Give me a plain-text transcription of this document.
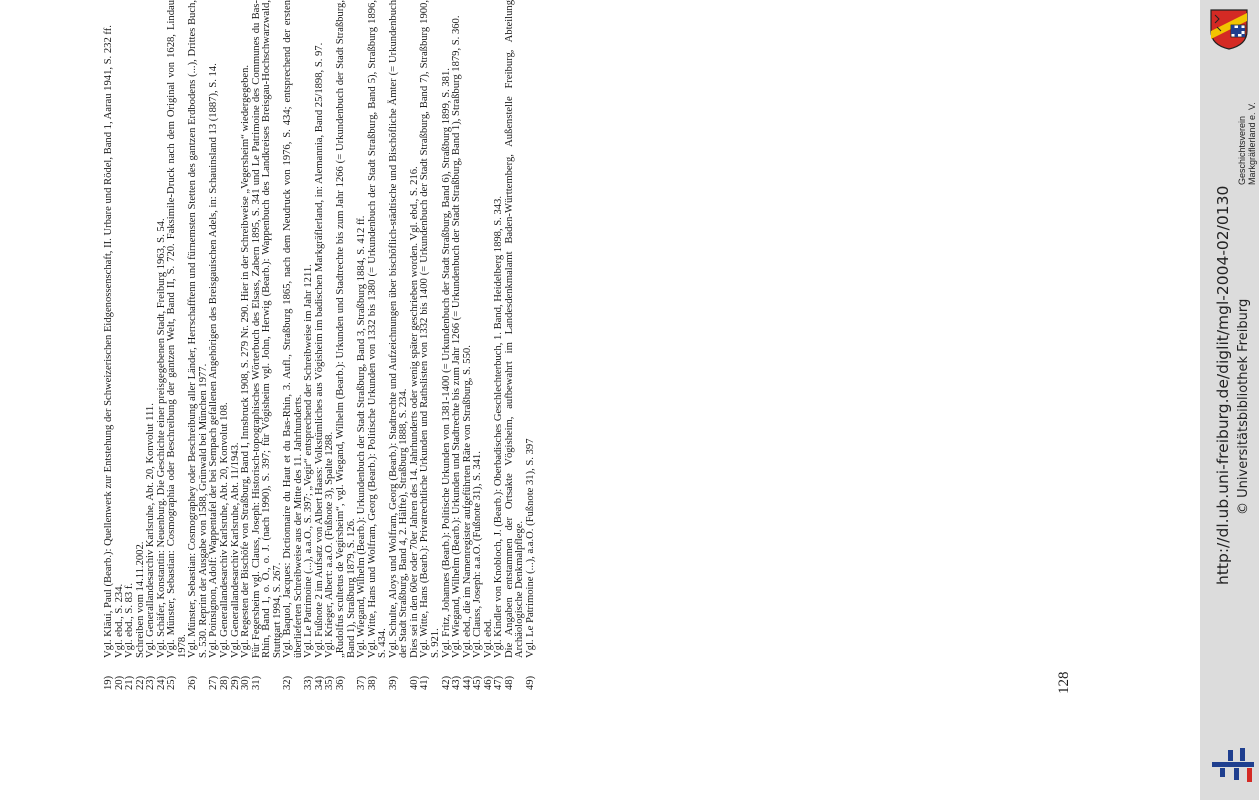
19)
Vgl. Kläui, Paul (Bearb.): Quellenwerk zur Entstehung der Schweizerischen Eidgenossenschaft, II. Urbare und Rödel, Band 1, Aarau 1941, S. 232 ff.
20)
Vgl. ebd., S. 234.
21)
Vgl. ebd., S. 83 f.
22)
Schreiben vom 14.11.2002.
23)
Vgl. Generallandesarchiv Karlsruhe, Abt. 20, Konvolut 111.
24)
Vgl. Schäfer, Konstantin: Neuenburg. Die Geschichte einer preisgegebenen Stadt, Freiburg 1963, S. 54.
25)
Vgl. Münster, Sebastian: Cosmographia oder Beschreibung der gantzen Welt, Band II, S. 720. Faksimile-Druck nach dem Original von 1628, Lindau 1978.
26)
Vgl. Münster, Sebastian: Cosmographey oder Beschreibung aller Länder, Herrschafftenn und fürnemsten Stetten des gantzen Erdbodens (...), Drittes Buch, S. 530. Reprint der Ausgabe von 1588, Grünwald bei München 1977.
27)
Vgl. Poinsignon, Adolf: Wappentafel der bei Sempach gefallenen Angehörigen des Breisgauischen Adels, in: Schauinsland 13 (1887), S. 14.
28)
Vgl. Generallandesarchiv Karlsruhe, Abt. 20, Konvolut 108.
29)
Vgl. Generallandesarchiv Karlsruhe, Abt. 11/1943.
30)
Vgl. Regesten der Bischöfe von Straßburg, Band I, Innsbruck 1908, S. 279 Nr. 290. Hier in der Schreibweise „Vegersheim“ wiedergegeben.
31)
Für Fegersheim vgl. Clauss, Joseph: Historisch-topographisches Wörterbuch des Elsass, Zabern 1895, S. 341 und Le Patrimoine des Communes du Bas-Rhin, Band 1, o. O., o. J. (nach 1990), S. 397; für Vögisheim vgl. John, Herwig (Bearb.): Wappenbuch des Landkreises Breisgau-Hochschwarzwald, Stuttgart 1994, S. 267.
32)
Vgl. Baquol, Jacques: Dictionnaire du Haut et du Bas-Rhin, 3. Aufl., Straßburg 1865, nach dem Neudruck von 1976, S. 434; entsprechend der ersten überlieferten Schreibweise aus der Mitte des 11. Jahrhunderts.
33)
Vgl. Le Patrimoine (...), a.a.O., S. 397; „Vegir“ entsprechend der Schreibweise im Jahr 1211.
34)
Vgl. Fußnote 2 im Aufsatz von Albert Haass: Volkstümliches aus Vögisheim im badischen Markgräflerland, in: Alemannia, Band 25/1898, S. 97.
35)
Vgl. Krieger, Albert: a.a.O. (Fußnote 3), Spalte 1288.
36)
„Rudolfus scultetus de Vegirsheim“, vgl. Wiegand, Wilhelm (Bearb.): Urkunden und Stadtrechte bis zum Jahr 1266 (= Urkundenbuch der Stadt Straßburg, Band 1), Straßburg 1879, S. 126.
37)
Vgl. Wiegand, Wilhelm (Bearb.): Urkundenbuch der Stadt Straßburg, Band 3, Straßburg 1884, S. 412 ff.
38)
Vgl. Witte, Hans und Wolfram, Georg (Bearb.): Politische Urkunden von 1332 bis 1380 (= Urkundenbuch der Stadt Straßburg, Band 5), Straßburg 1896, S. 434.
39)
Vgl. Schulte, Aloys und Wolfram, Georg (Bearb.): Stadtrechte und Aufzeichnungen über bischöflich-städtische und Bischöfliche Ämter (= Urkundenbuch der Stadt Straßburg, Band 4, 2. Hälfte), Straßburg 1888, S. 234.
40)
Dies sei in den 60er oder 70er Jahren des 14. Jahrhunderts oder wenig später geschrieben worden. Vgl. ebd., S. 216.
41)
Vgl. Witte, Hans (Bearb.): Privatrechtliche Urkunden und Rathslisten von 1332 bis 1400 (= Urkundenbuch der Stadt Straßburg, Band 7), Straßburg 1900, S. 921.
42)
Vgl. Fritz, Johannes (Bearb.): Politische Urkunden von 1381-1400 (= Urkundenbuch der Stadt Straßburg, Band 6), Straßburg 1899, S. 381.
43)
Vgl. Wiegand, Wilhelm (Bearb.): Urkunden und Stadtrechte bis zum Jahr 1266 (= Urkundenbuch der Stadt Straßburg, Band 1), Straßburg 1879, S. 360.
44)
Vgl. ebd., die im Namenregister aufgeführten Räte von Straßburg, S. 550.
45)
Vgl. Clauss, Joseph: a.a.O. (Fußnote 31), S. 341.
46)
Vgl. ebd.
47)
Vgl. Kindler von Knobloch, J. (Bearb.): Oberbadisches Geschlechterbuch, 1. Band, Heidelberg 1898, S. 343.
48)
Die Angaben entstammen der Ortsakte Vögisheim, aufbewahrt im Landesdenkmalamt Baden-Württemberg, Außenstelle Freiburg, Abteilung Archäologische Denkmalpflege.
49)
Vgl. Le Patrimoine (...), a.a.O. (Fußnote 31), S. 397
128
http://dl.ub.uni-freiburg.de/diglit/mgl-2004-02/0130 © Universitätsbibliothek Freiburg
Geschichtsverein Markgräflerland e. V.
